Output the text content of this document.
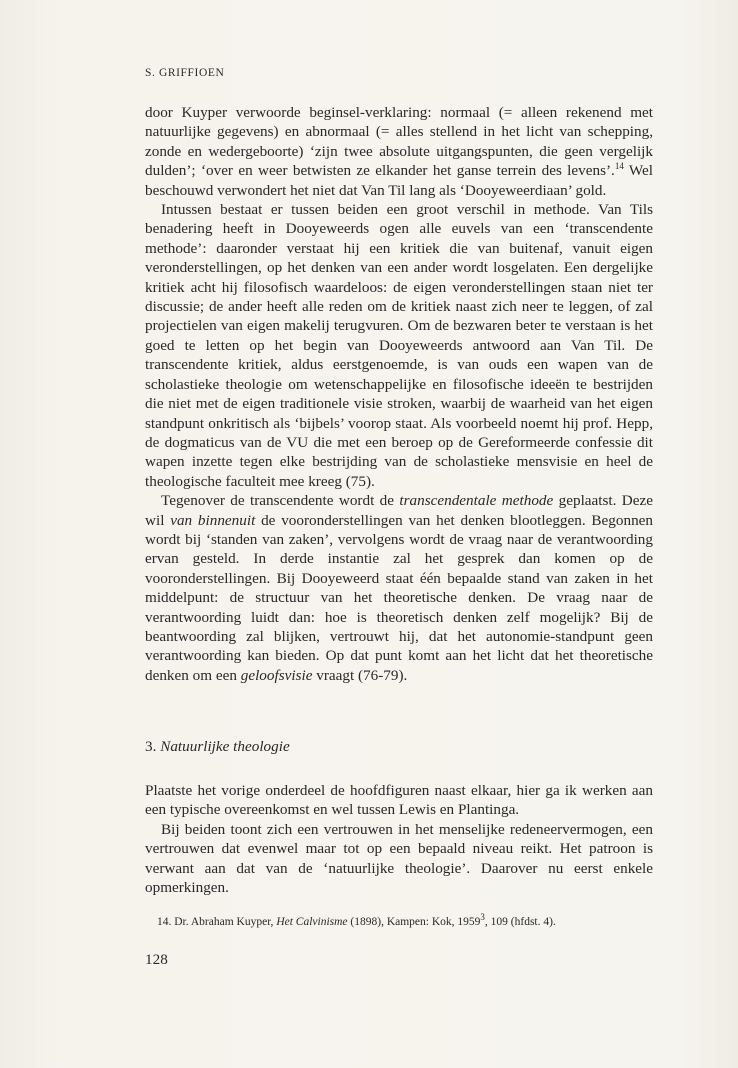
S. GRIFFIOEN

door Kuyper verwoorde beginsel-verklaring: normaal (= alleen rekenend met natuurlijke gegevens) en abnormaal (= alles stellend in het licht van schepping, zonde en wedergeboorte) ‘zijn twee absolute uitgangspunten, die geen vergelijk dulden’; ‘over en weer betwisten ze elkander het ganse terrein des levens’.$^{14}$ Wel beschouwd verwondert het niet dat Van Til lang als ‘Dooyeweerdiaan’ gold.

Intussen bestaat er tussen beiden een groot verschil in methode. Van Tils benadering heeft in Dooyeweerds ogen alle euvels van een ‘transcendente methode’: daaronder verstaat hij een kritiek die van buitenaf, vanuit eigen veronderstellingen, op het denken van een ander wordt losgelaten. Een dergelijke kritiek acht hij filosofisch waardeloos: de eigen veronderstellingen staan niet ter discussie; de ander heeft alle reden om de kritiek naast zich neer te leggen, of zal projectielen van eigen makelij terugvuren. Om de bezwaren beter te verstaan is het goed te letten op het begin van Dooyeweerds antwoord aan Van Til. De transcendente kritiek, aldus eerstgenoemde, is van ouds een wapen van de scholastieke theologie om wetenschappelijke en filosofische ideeën te bestrijden die niet met de eigen traditionele visie stroken, waarbij de waarheid van het eigen standpunt onkritisch als ‘bijbels’ voorop staat. Als voorbeeld noemt hij prof. Hepp, de dogmaticus van de VU die met een beroep op de Gereformeerde confessie dit wapen inzette tegen elke bestrijding van de scholastieke mensvisie en heel de theologische faculteit mee kreeg (75).

Tegenover de transcendente wordt de transcendentale methode geplaatst. Deze wil van binnenuit de vooronderstellingen van het denken blootleggen. Begonnen wordt bij ‘standen van zaken’, vervolgens wordt de vraag naar de verantwoording ervan gesteld. In derde instantie zal het gesprek dan komen op de vooronderstellingen. Bij Dooyeweerd staat één bepaalde stand van zaken in het middelpunt: de structuur van het theoretische denken. De vraag naar de verantwoording luidt dan: hoe is theoretisch denken zelf mogelijk? Bij de beantwoording zal blijken, vertrouwt hij, dat het autonomie-standpunt geen verantwoording kan bieden. Op dat punt komt aan het licht dat het theoretische denken om een geloofsvisie vraagt (76-79).

3. Natuurlijke theologie

Plaatste het vorige onderdeel de hoofdfiguren naast elkaar, hier ga ik werken aan een typische overeenkomst en wel tussen Lewis en Plantinga.

Bij beiden toont zich een vertrouwen in het menselijke redeneervermogen, een vertrouwen dat evenwel maar tot op een bepaald niveau reikt. Het patroon is verwant aan dat van de ‘natuurlijke theologie’. Daarover nu eerst enkele opmerkingen.

14. Dr. Abraham Kuyper, Het Calvinisme (1898), Kampen: Kok, 1959$^3$, 109 (hfdst. 4).
128
